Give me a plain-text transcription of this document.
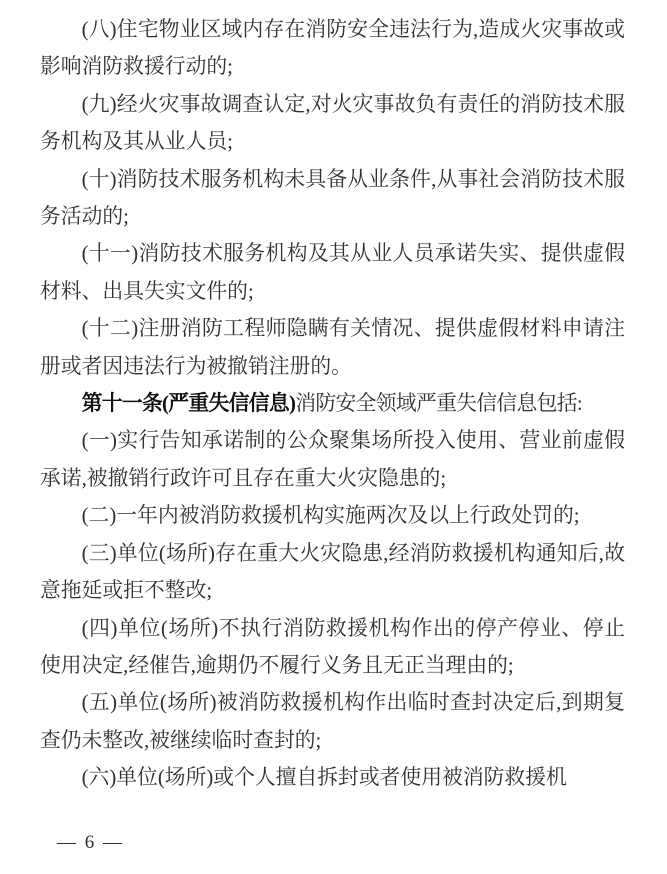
(八)住宅物业区域内存在消防安全违法行为,造成火灾事故或影响消防救援行动的;

(九)经火灾事故调查认定,对火灾事故负有责任的消防技术服务机构及其从业人员;

(十)消防技术服务机构未具备从业条件,从事社会消防技术服务活动的;

(十一)消防技术服务机构及其从业人员承诺失实、提供虚假材料、出具失实文件的;

(十二)注册消防工程师隐瞒有关情况、提供虚假材料申请注册或者因违法行为被撤销注册的。

第十一条(严重失信信息)消防安全领域严重失信信息包括:

(一)实行告知承诺制的公众聚集场所投入使用、营业前虚假承诺,被撤销行政许可且存在重大火灾隐患的;

(二)一年内被消防救援机构实施两次及以上行政处罚的;

(三)单位(场所)存在重大火灾隐患,经消防救援机构通知后,故意拖延或拒不整改;

(四)单位(场所)不执行消防救援机构作出的停产停业、停止使用决定,经催告,逾期仍不履行义务且无正当理由的;

(五)单位(场所)被消防救援机构作出临时查封决定后,到期复查仍未整改,被继续临时查封的;

(六)单位(场所)或个人擅自拆封或者使用被消防救援机

— 6 —
